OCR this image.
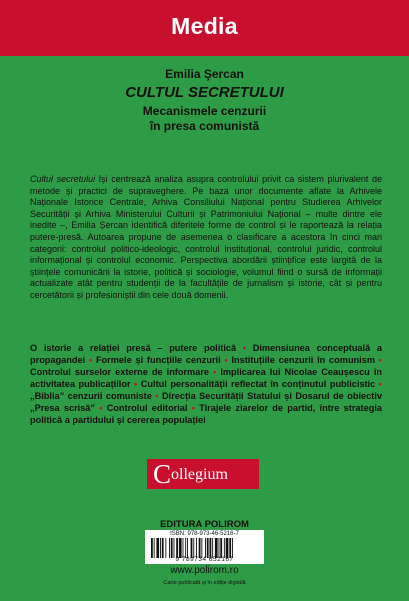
Media
Emilia Şercan
CULTUL SECRETULUI
Mecanismele cenzurii
în presa comunistă

Cultul secretului își centrează analiza asupra controlului privit ca sistem plurivalent de metode și practici de supraveghere. Pe baza unor documente aflate la Arhivele Naționale Istorice Centrale, Arhiva Consiliului Național pentru Studierea Arhivelor Securității și Arhiva Ministerului Culturii și Patrimoniului Național – multe dintre ele inedite –, Emilia Șercan identifică diferitele forme de control și le raportează la relația putere-presă. Autoarea propune de asemenea o clasificare a acestora în cinci mari categorii: controlul politico-ideologic, controlul instituțional, controlul juridic, controlul informațional și controlul economic. Perspectiva abordării științifice este largită de la științele comunicării la istorie, politică și sociologie, volumul fiind o sursă de informații actualizate atât pentru studenții de la facultățile de jurnalism și istorie, cât și pentru cercetătorii și profesioniștii din cele două domenii.

O istorie a relației presă – putere politică • Dimensiunea conceptuală a propagandei • Formele și funcțiile cenzurii • Instituțiile cenzurii în comunism • Controlul surselor externe de informare • Implicarea lui Nicolae Ceaușescu în activitatea publicațiilor • Cultul personalității reflectat în conținutul publicistic • „Biblia” cenzurii comuniste • Direcția Securității Statului și Dosarul de obiectiv „Presa scrisă” • Controlul editorial • Tirajele ziarelor de partid, între strategia politică a partidului și cererea populației

C ollegium
EDITURA POLIROM
ISBN: 978-973-46-5216-7
9 789734 652167
www.polirom.ro
Carte publicată și în ediție digitală
